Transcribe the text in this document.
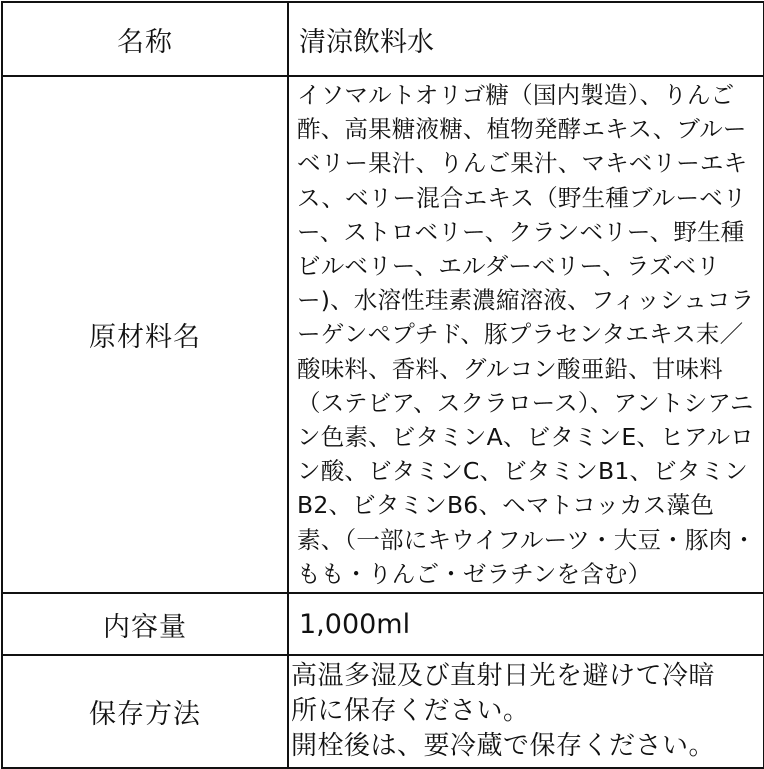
名称	清涼飲料水
原材料名	イソマルトオリゴ糖（国内製造）、りんご酢、高果糖液糖、植物発酵エキス、ブルーベリー果汁、りんご果汁、マキベリーエキス、ベリー混合エキス（野生種ブルーベリー、ストロベリー、クランベリー、野生種ビルベリー、エルダーベリー、ラズベリー)、水溶性珪素濃縮溶液、フィッシュコラーゲンペプチド、豚プラセンタエキス末／酸味料、香料、グルコン酸亜鉛、甘味料（ステビア、スクラロース）、アントシアニン色素、ビタミンA、ビタミンE、ヒアルロン酸、ビタミンC、ビタミンB1、ビタミンB2、ビタミンB6、ヘマトコッカス藻色素、（一部にキウイフルーツ・大豆・豚肉・もも・りんご・ゼラチンを含む）

内容量	1,000ml
保存方法	高温多湿及び直射日光を避けて冷暗
所に保存ください。
開栓後は、要冷蔵で保存ください。
